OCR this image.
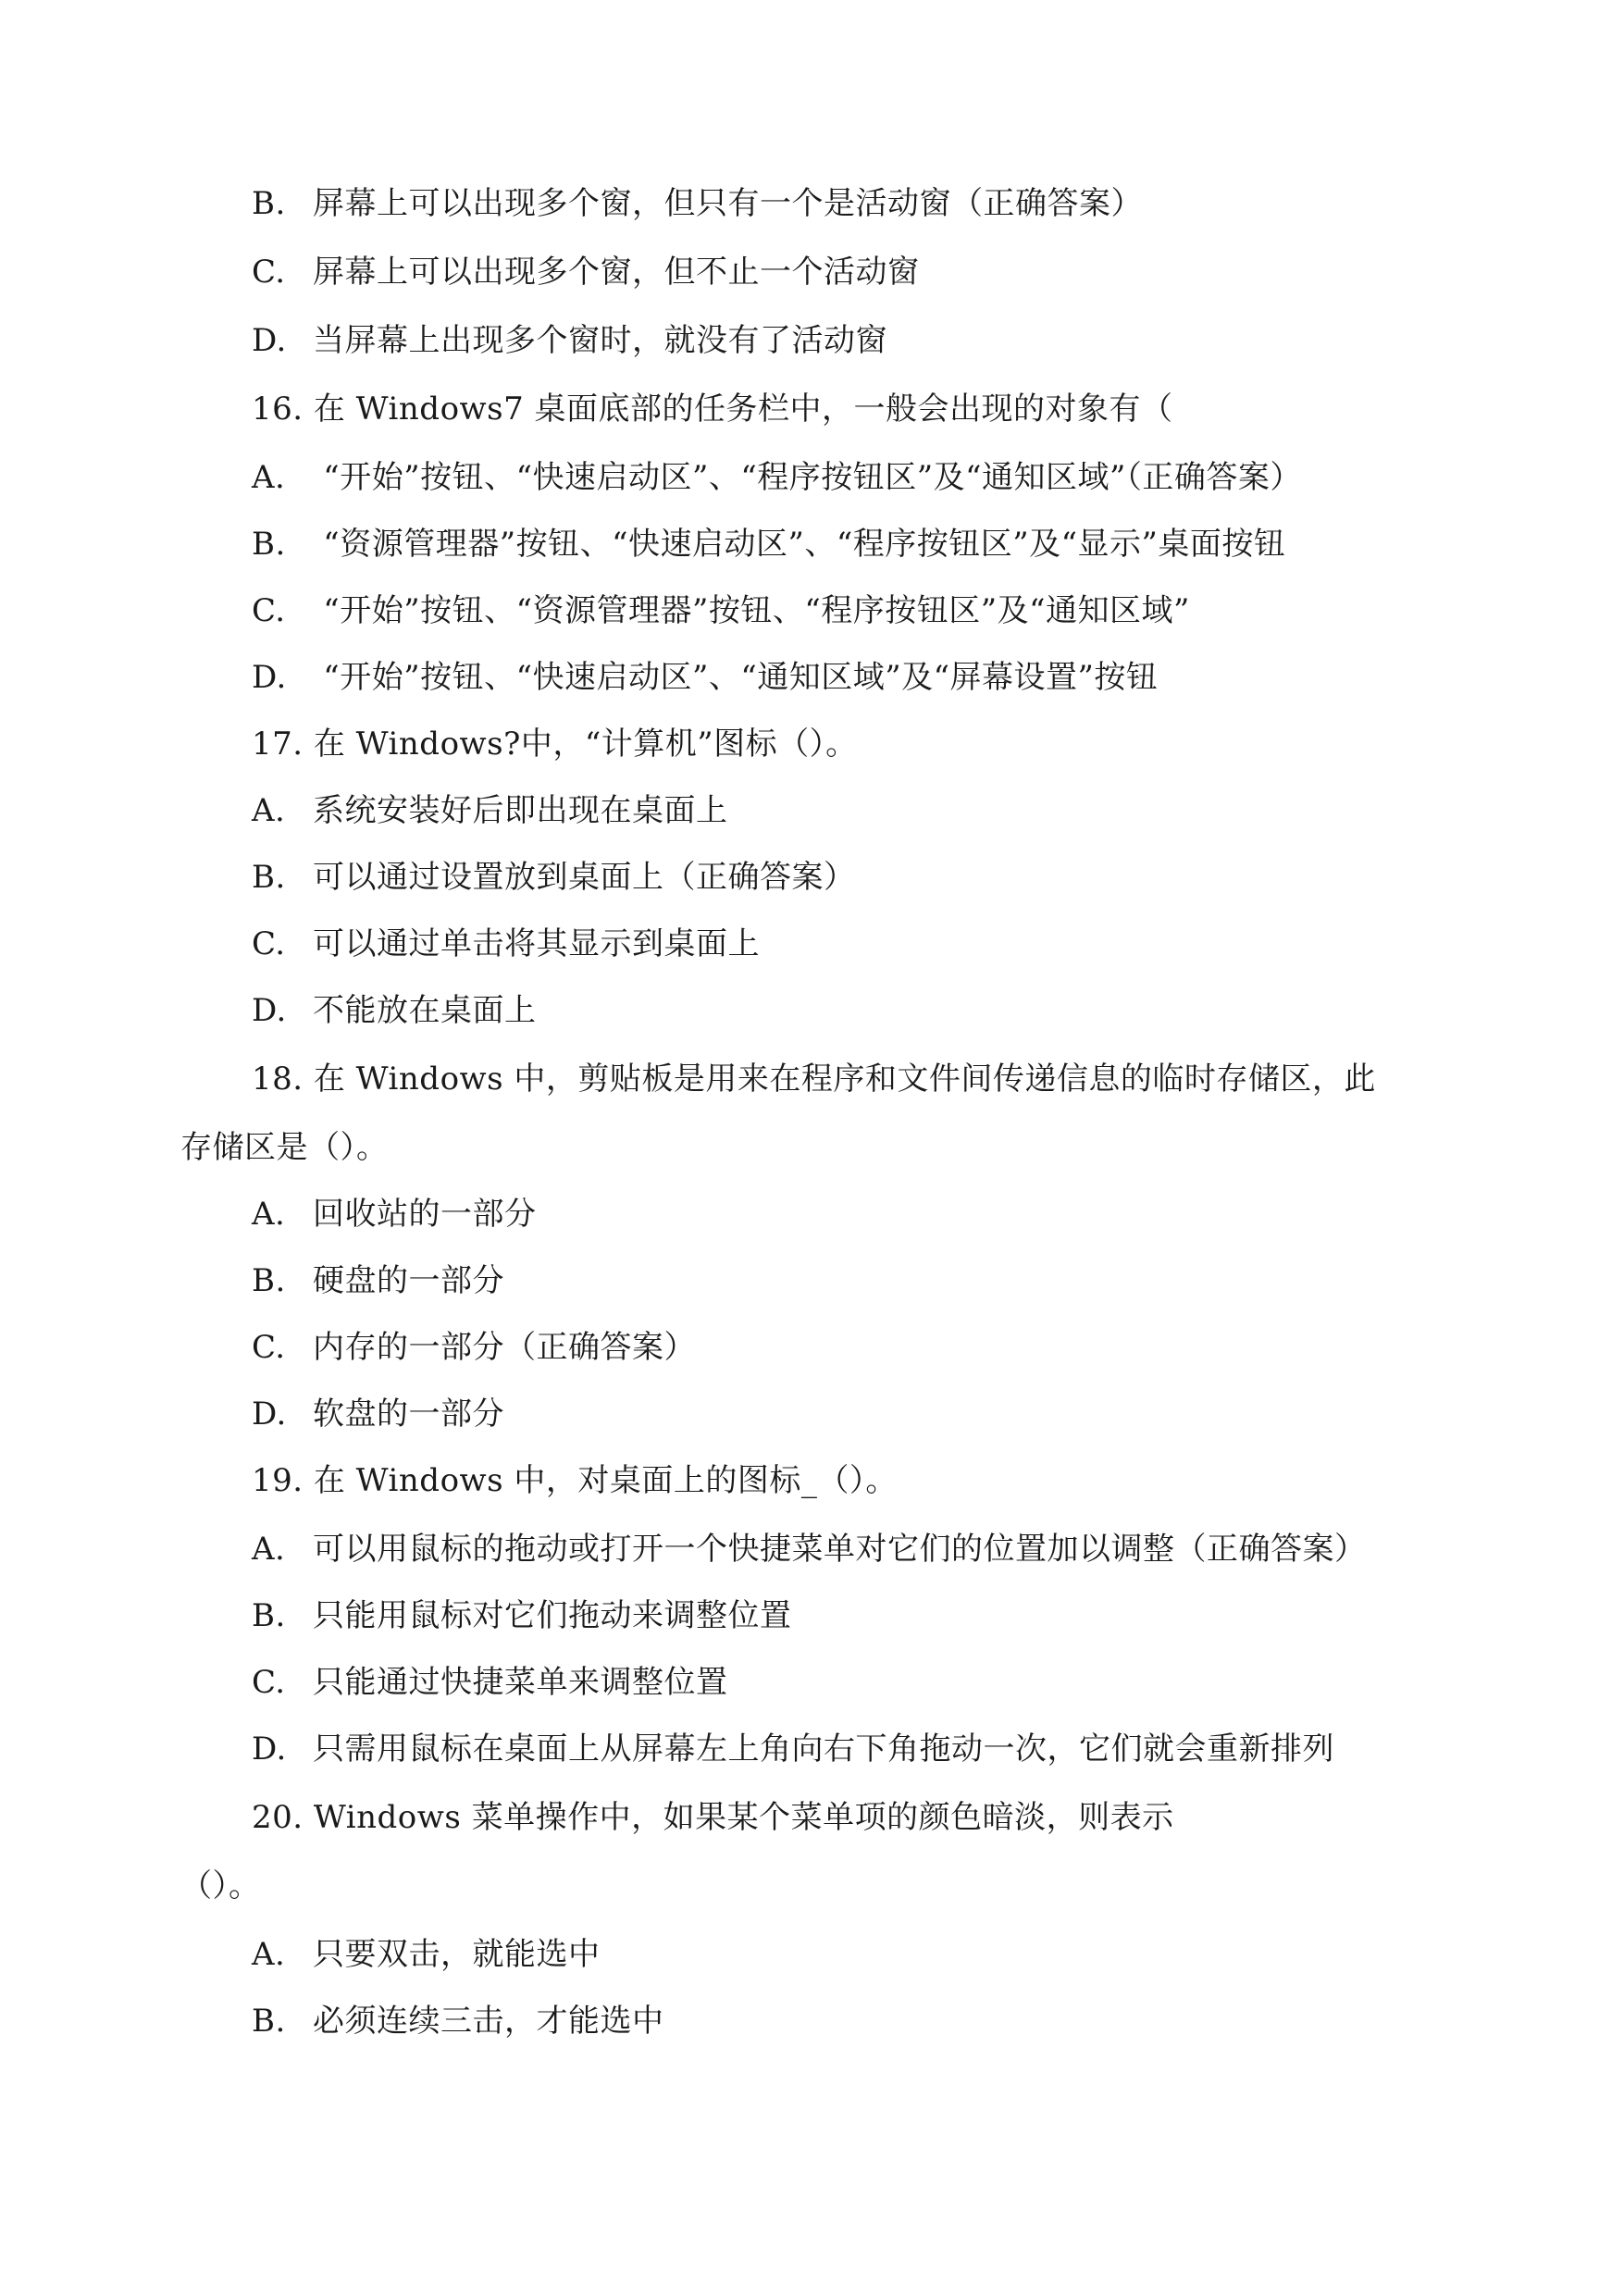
B. 屏幕上可以出现多个窗，但只有一个是活动窗（正确答案）
C. 屏幕上可以出现多个窗，但不止一个活动窗
D. 当屏幕上出现多个窗时，就没有了活动窗
16. 在 Windows7 桌面底部的任务栏中，一般会出现的对象有（
A. “开始”按钮、“快速启动区”、“程序按钮区”及“通知区域”（正确答案）
B. “资源管理器”按钮、“快速启动区”、“程序按钮区”及“显示”桌面按钮
C. “开始”按钮、“资源管理器”按钮、“程序按钮区”及“通知区域”
D. “开始”按钮、“快速启动区”、“通知区域”及“屏幕设置”按钮
17. 在 Windows?中，“计算机”图标（）。
A. 系统安装好后即出现在桌面上
B. 可以通过设置放到桌面上（正确答案）
C. 可以通过单击将其显示到桌面上
D. 不能放在桌面上
18. 在 Windows 中，剪贴板是用来在程序和文件间传递信息的临时存储区，此
存储区是（）。
A. 回收站的一部分
B. 硬盘的一部分
C. 内存的一部分（正确答案）
D. 软盘的一部分
19. 在 Windows 中，对桌面上的图标_（）。
A. 可以用鼠标的拖动或打开一个快捷菜单对它们的位置加以调整（正确答案）
B. 只能用鼠标对它们拖动来调整位置
C. 只能通过快捷菜单来调整位置
D. 只需用鼠标在桌面上从屏幕左上角向右下角拖动一次，它们就会重新排列
20. Windows 菜单操作中，如果某个菜单项的颜色暗淡，则表示
（）。
A. 只要双击，就能选中
B. 必须连续三击，才能选中
